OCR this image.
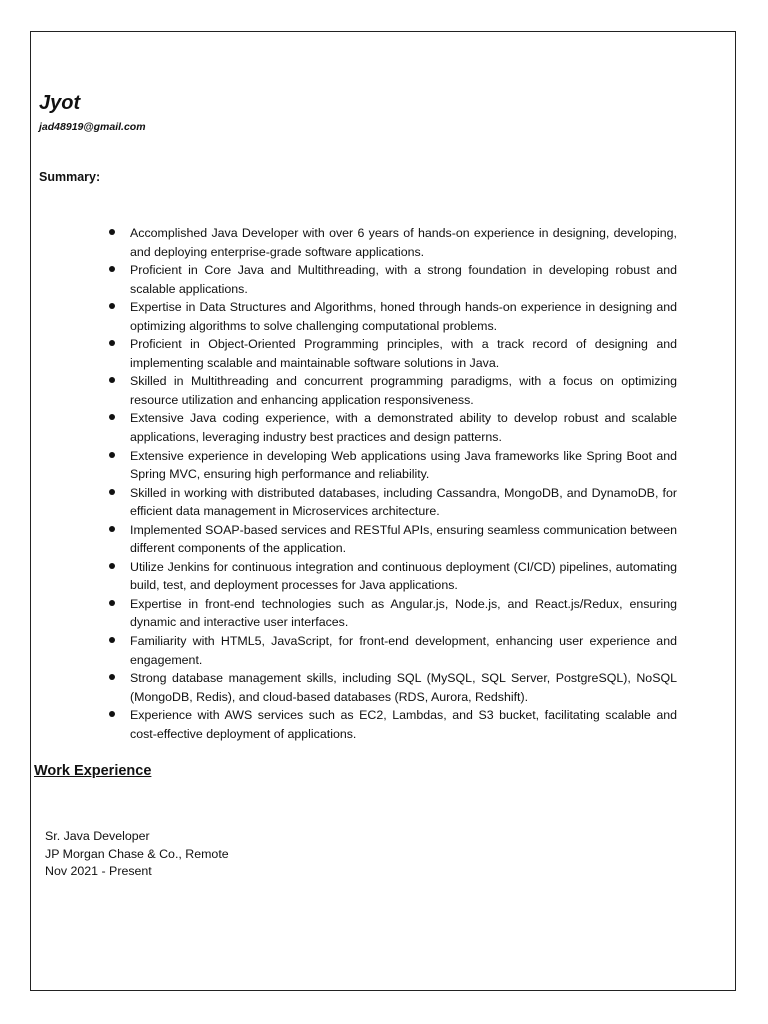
Jyot
jad48919@gmail.com
Summary:
Accomplished Java Developer with over 6 years of hands-on experience in designing, developing, and deploying enterprise-grade software applications.
Proficient in Core Java and Multithreading, with a strong foundation in developing robust and scalable applications.
Expertise in Data Structures and Algorithms, honed through hands-on experience in designing and optimizing algorithms to solve challenging computational problems.
Proficient in Object-Oriented Programming principles, with a track record of designing and implementing scalable and maintainable software solutions in Java.
Skilled in Multithreading and concurrent programming paradigms, with a focus on optimizing resource utilization and enhancing application responsiveness.
Extensive Java coding experience, with a demonstrated ability to develop robust and scalable applications, leveraging industry best practices and design patterns.
Extensive experience in developing Web applications using Java frameworks like Spring Boot and Spring MVC, ensuring high performance and reliability.
Skilled in working with distributed databases, including Cassandra, MongoDB, and DynamoDB, for efficient data management in Microservices architecture.
Implemented SOAP-based services and RESTful APIs, ensuring seamless communication between different components of the application.
Utilize Jenkins for continuous integration and continuous deployment (CI/CD) pipelines, automating build, test, and deployment processes for Java applications.
Expertise in front-end technologies such as Angular.js, Node.js, and React.js/Redux, ensuring dynamic and interactive user interfaces.
Familiarity with HTML5, JavaScript, for front-end development, enhancing user experience and engagement.
Strong database management skills, including SQL (MySQL, SQL Server, PostgreSQL), NoSQL (MongoDB, Redis), and cloud-based databases (RDS, Aurora, Redshift).
Experience with AWS services such as EC2, Lambdas, and S3 bucket, facilitating scalable and cost-effective deployment of applications.
Work Experience
Sr. Java Developer
JP Morgan Chase & Co., Remote
Nov 2021 - Present
